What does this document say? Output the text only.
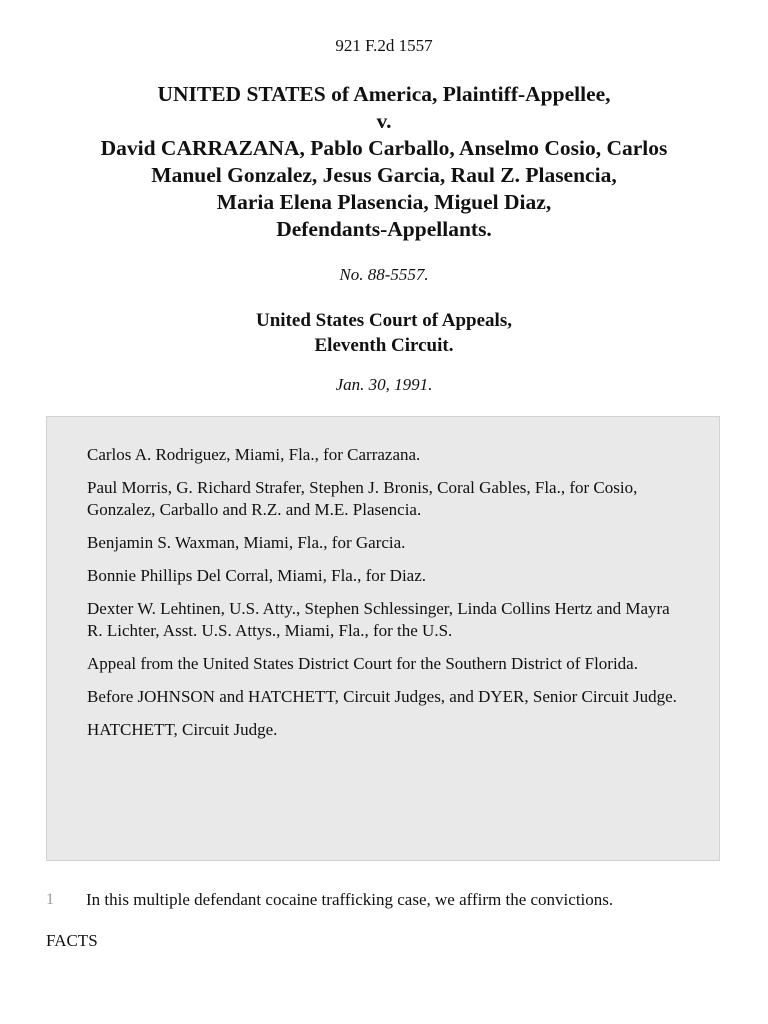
921 F.2d 1557
UNITED STATES of America, Plaintiff-Appellee,
v.
David CARRAZANA, Pablo Carballo, Anselmo Cosio, Carlos
Manuel Gonzalez, Jesus Garcia, Raul Z. Plasencia,
Maria Elena Plasencia, Miguel Diaz,
Defendants-Appellants.
No. 88-5557.
United States Court of Appeals,
Eleventh Circuit.
Jan. 30, 1991.

Carlos A. Rodriguez, Miami, Fla., for Carrazana.

Paul Morris, G. Richard Strafer, Stephen J. Bronis, Coral Gables, Fla., for Cosio, Gonzalez, Carballo and R.Z. and M.E. Plasencia.

Benjamin S. Waxman, Miami, Fla., for Garcia.

Bonnie Phillips Del Corral, Miami, Fla., for Diaz.

Dexter W. Lehtinen, U.S. Atty., Stephen Schlessinger, Linda Collins Hertz and Mayra R. Lichter, Asst. U.S. Attys., Miami, Fla., for the U.S.

Appeal from the United States District Court for the Southern District of Florida.

Before JOHNSON and HATCHETT, Circuit Judges, and DYER, Senior Circuit Judge.

HATCHETT, Circuit Judge.

1 In this multiple defendant cocaine trafficking case, we affirm the convictions.
FACTS
